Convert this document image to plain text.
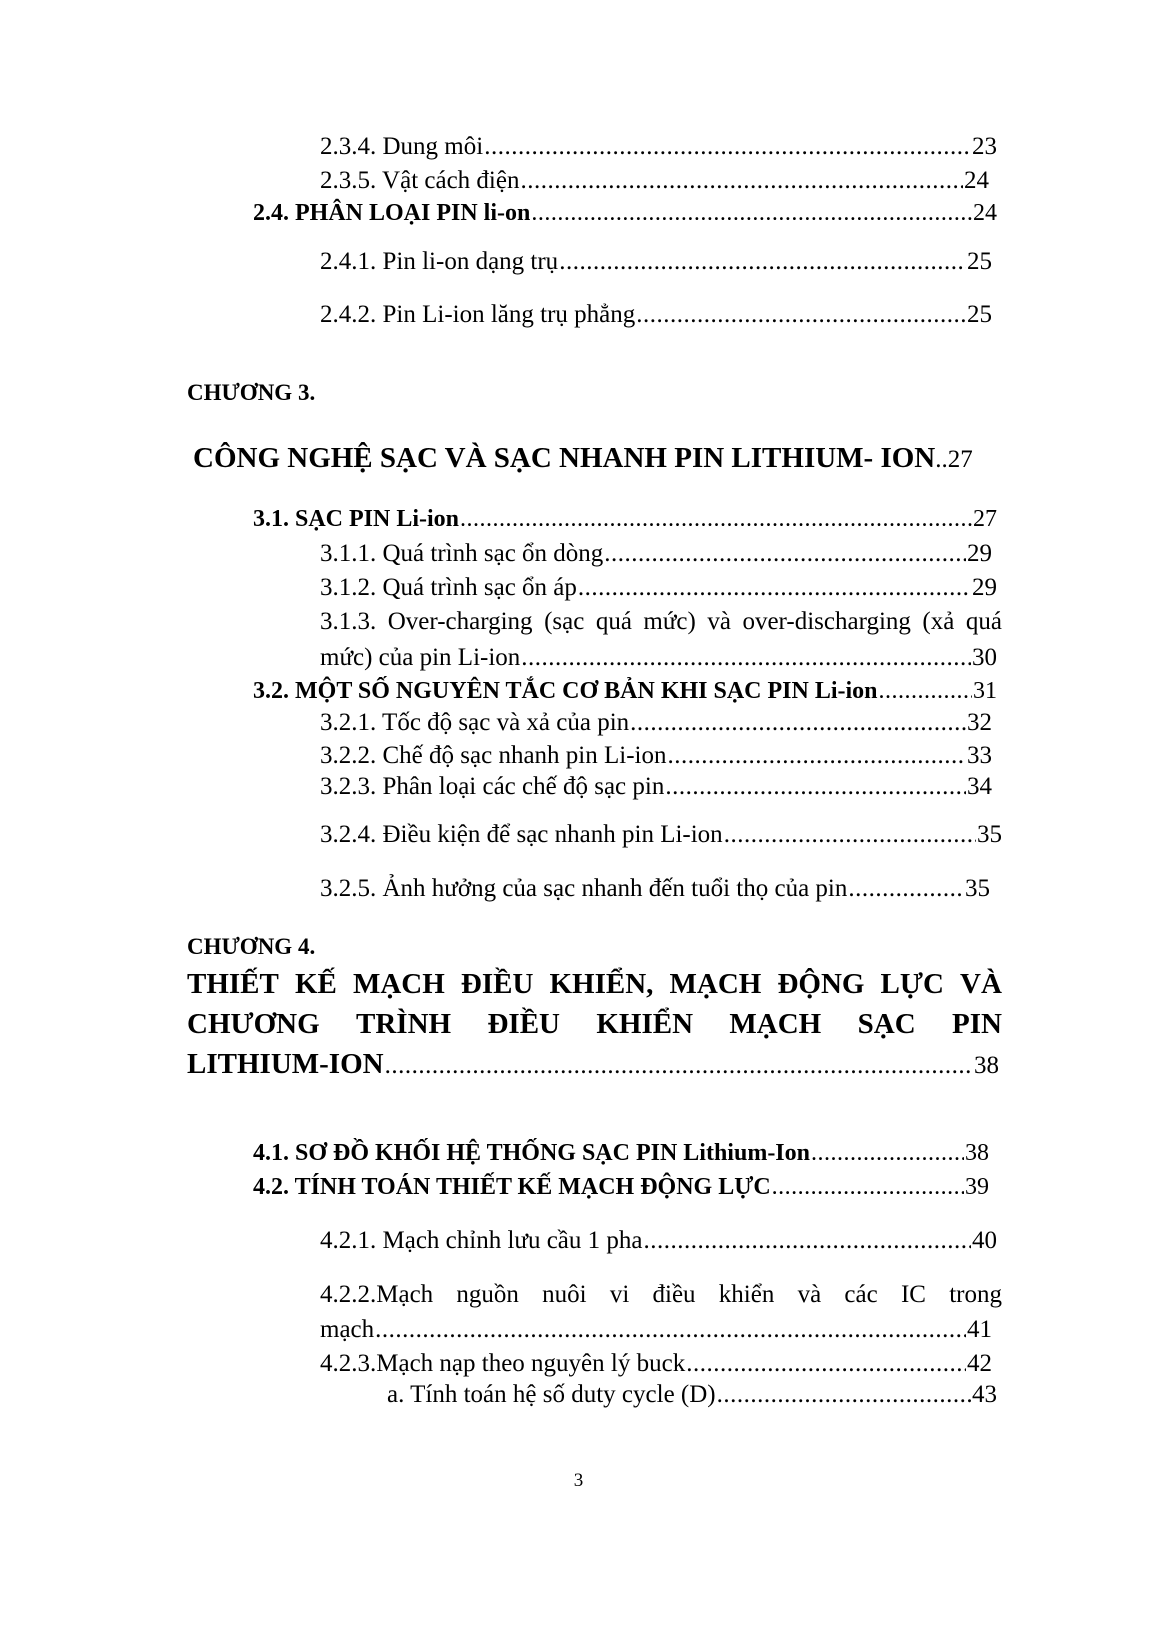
2.3.4. Dung môi .....	23
2.3.5. Vật cách điện .....	24
2.4. PHÂN LOẠI PIN li-on .....	24
2.4.1. Pin li-on dạng trụ .....	25
2.4.2. Pin Li-ion lăng trụ phẳng .....	25
CHƯƠNG 3.
CÔNG NGHỆ SẠC VÀ SẠC NHANH PIN LITHIUM- ION .. 27
3.1. SẠC PIN Li-ion .....	27
3.1.1. Quá trình sạc ổn dòng .....	29
3.1.2. Quá trình sạc ổn áp .....	29
3.1.3. Over-charging (sạc quá mức) và over-discharging (xả quá
mức) của pin Li-ion .....	30
3.2. MỘT SỐ NGUYÊN TẮC CƠ BẢN KHI SẠC PIN Li-ion .....	31
3.2.1. Tốc độ sạc và xả của pin .....	32
3.2.2. Chế độ sạc nhanh pin Li-ion .....	33
3.2.3. Phân loại các chế độ sạc pin .....	34
3.2.4. Điều kiện để sạc nhanh pin Li-ion .....	35
3.2.5. Ảnh hưởng của sạc nhanh đến tuổi thọ của pin .....	35
CHƯƠNG 4.
THIẾT KẾ MẠCH ĐIỀU KHIỂN, MẠCH ĐỘNG LỰC VÀ
CHƯƠNG TRÌNH ĐIỀU KHIỂN MẠCH SẠC PIN
LITHIUM-ION .....	38
4.1. SƠ ĐỒ KHỐI HỆ THỐNG SẠC PIN Lithium-Ion .....	38
4.2. TÍNH TOÁN THIẾT KẾ MẠCH ĐỘNG LỰC .....	39
4.2.1. Mạch chỉnh lưu cầu 1 pha .....	40
4.2.2.Mạch nguồn nuôi vi điều khiển và các IC trong
mạch .....	41
4.2.3.Mạch nạp theo nguyên lý buck .....	42
a. Tính toán hệ số duty cycle (D) .....	43
3
